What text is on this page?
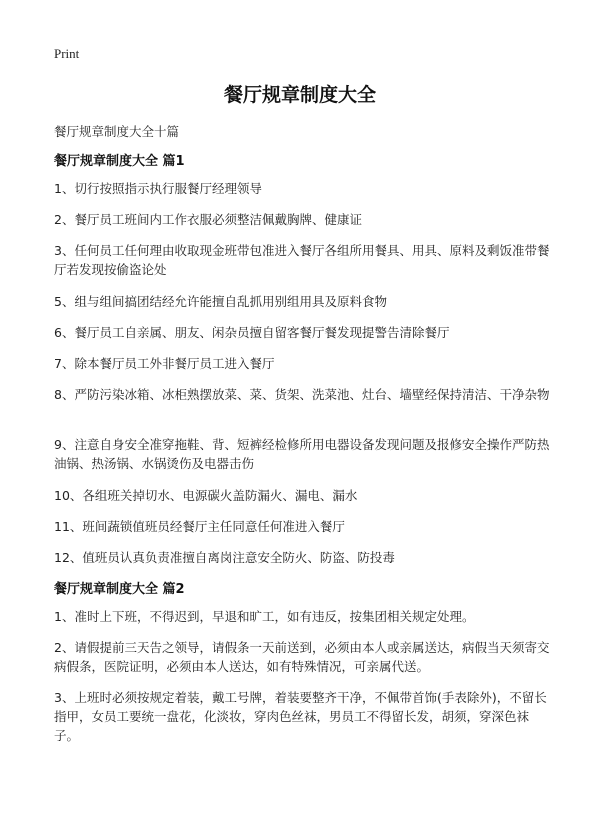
Print
餐厅规章制度大全
餐厅规章制度大全十篇
餐厅规章制度大全 篇1

1、切行按照指示执行服餐厅经理领导

2、餐厅员工班间内工作衣服必须整洁佩戴胸牌、健康证

3、任何员工任何理由收取现金班带包准进入餐厅各组所用餐具、用具、原料及剩饭准带餐厅若发现按偷盗论处

5、组与组间搞团结经允许能擅自乱抓用别组用具及原料食物

6、餐厅员工自亲属、朋友、闲杂员擅自留客餐厅餐发现提警告清除餐厅

7、除本餐厅员工外非餐厅员工进入餐厅

8、严防污染冰箱、冰柜熟摆放菜、菜、货架、洗菜池、灶台、墙壁经保持清洁、干净杂物

9、注意自身安全准穿拖鞋、背、短裤经检修所用电器设备发现问题及报修安全操作严防热油锅、热汤锅、水锅烫伤及电器击伤

10、各组班关掉切水、电源碳火盖防漏火、漏电、漏水

11、班间蔬锁值班员经餐厅主任同意任何准进入餐厅

12、值班员认真负责准擅自离岗注意安全防火、防盗、防投毒

餐厅规章制度大全 篇2

1、准时上下班，不得迟到，早退和旷工，如有违反，按集团相关规定处理。

2、请假提前三天告之领导，请假条一天前送到，必须由本人或亲属送达，病假当天须寄交病假条，医院证明，必须由本人送达，如有特殊情况，可亲属代送。

3、上班时必须按规定着装，戴工号牌，着装要整齐干净，不佩带首饰(手表除外)，不留长指甲，女员工要统一盘花，化淡妆，穿肉色丝袜，男员工不得留长发，胡须，穿深色袜子。
